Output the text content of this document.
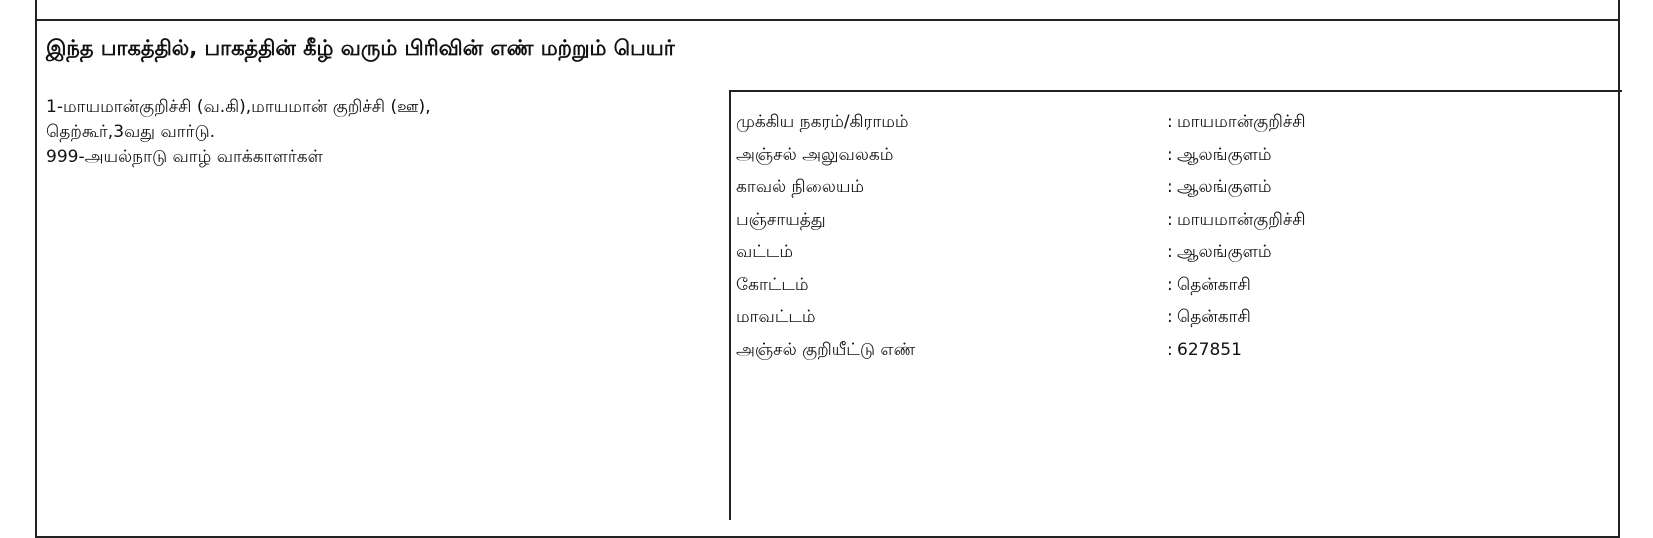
இந்த பாகத்தில், பாகத்தின் கீழ் வரும் பிரிவின் எண் மற்றும் பெயர்
1-மாயமான்குறிச்சி (வ.கி),மாயமான் குறிச்சி (ஊ),
தெற்கூர்,3வது வார்டு.
999-அயல்நாடு வாழ் வாக்காளர்கள்
முக்கிய நகரம்/கிராமம்	: மாயமான்குறிச்சி
அஞ்சல் அலுவலகம்	: ஆலங்குளம்
காவல் நிலையம்	: ஆலங்குளம்
பஞ்சாயத்து	: மாயமான்குறிச்சி
வட்டம்	: ஆலங்குளம்
கோட்டம்	: தென்காசி
மாவட்டம்	: தென்காசி
அஞ்சல் குறியீட்டு எண்	: 627851
